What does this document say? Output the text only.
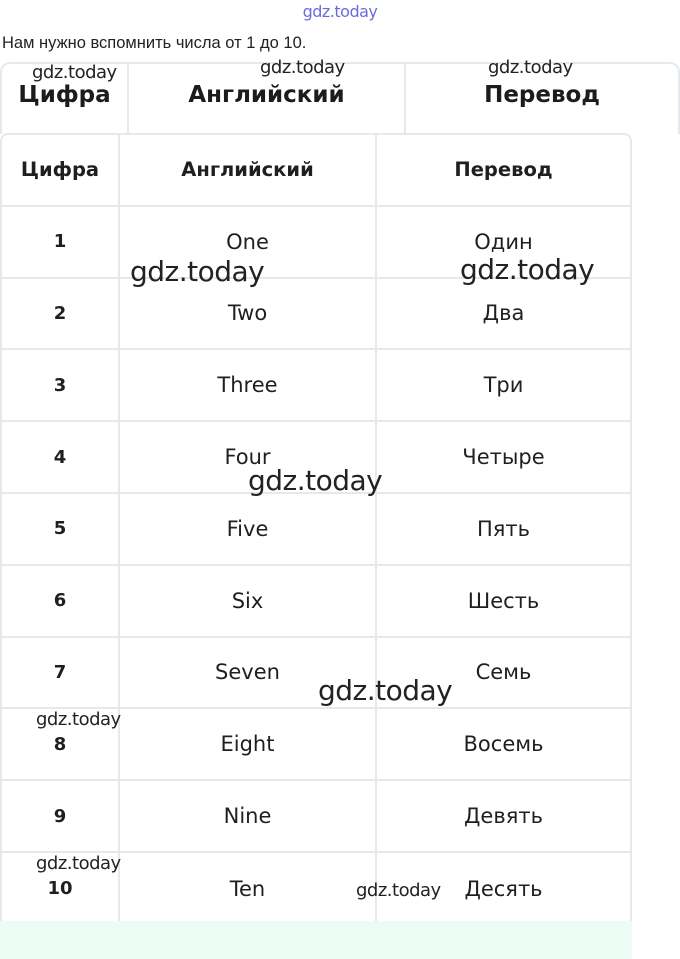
gdz.today
Нам нужно вспомнить числа от 1 до 10.
Цифра	Английский	Перевод
Цифра	Английский	Перевод
1	One	Один
2	Two	Два
3	Three	Три
4	Four	Четыре
5	Five	Пять
6	Six	Шесть
7	Seven	Семь
8	Eight	Восемь
9	Nine	Девять
10	Ten	Десять
gdz.today	gdz.today	gdz.today
gdz.today	gdz.today
gdz.today
gdz.today
gdz.today
gdz.today
gdz.today
